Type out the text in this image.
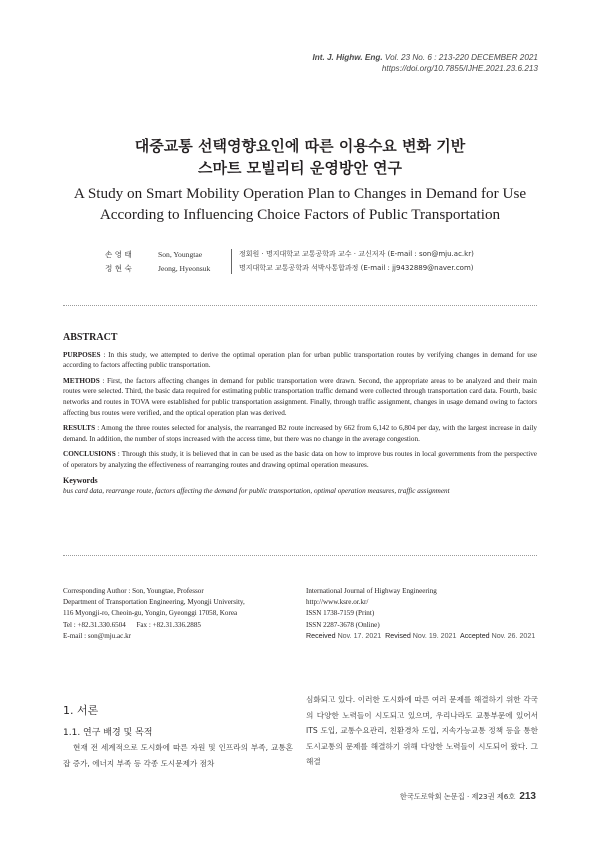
Int. J. Highw. Eng. Vol. 23 No. 6 : 213-220 DECEMBER 2021
https://doi.org/10.7855/IJHE.2021.23.6.213
대중교통 선택영향요인에 따른 이용수요 변화 기반
스마트 모빌리티 운영방안 연구
A Study on Smart Mobility Operation Plan to Changes in Demand for Use
According to Influencing Choice Factors of Public Transportation
손 영 태	Son, Youngtae
정 현 숙	Jeong, Hyeonsuk
정회원 · 명지대학교 교통공학과 교수 · 교신저자 (E-mail : son@mju.ac.kr)
명지대학교 교통공학과 석박사통합과정 (E-mail : jj9432889@naver.com)
ABSTRACT

PURPOSES : In this study, we attempted to derive the optimal operation plan for urban public transportation routes by verifying changes in demand for use according to factors affecting public transportation.

METHODS : First, the factors affecting changes in demand for public transportation were drawn. Second, the appropriate areas to be analyzed and their main routes were selected. Third, the basic data required for estimating public transportation traffic demand were collected through transportation card data. Fourth, basic networks and routes in TOVA were established for public transportation assignment. Finally, through traffic assignment, changes in usage demand owing to factors affecting bus routes were verified, and the optical operation plan was derived.

RESULTS : Among the three routes selected for analysis, the rearranged B2 route increased by 662 from 6,142 to 6,804 per day, with the largest increase in daily demand. In addition, the number of stops increased with the access time, but there was no change in the average congestion.

CONCLUSIONS : Through this study, it is believed that in can be used as the basic data on how to improve bus routes in local governments from the perspective of operators by analyzing the effectiveness of rearranging routes and drawing optimal operation measures.

Keywords
bus card data, rearrange route, factors affecting the demand for public transportation, optimal operation measures, traffic assignment
Corresponding Author : Son, Youngtae, Professor
Department of Transportation Engineering, Myongji University,
116 Myongji-ro, Cheoin-gu, Yongin, Gyeonggi 17058, Korea
Tel : +82.31.330.6504      Fax : +82.31.336.2885
E-mail : son@mju.ac.kr
International Journal of Highway Engineering
http://www.ksre.or.kr/
ISSN 1738-7159 (Print)
ISSN 2287-3678 (Online)
Received Nov. 17. 2021 Revised Nov. 19. 2021 Accepted Nov. 26. 2021
1. 서론
1.1. 연구 배경 및 목적
현재 전 세계적으로 도시화에 따른 자원 및 인프라의 부족, 교통혼잡 증가, 에너지 부족 등 각종 도시문제가 점차
심화되고 있다. 이러한 도시화에 따른 여러 문제를 해결하기 위한 각국의 다양한 노력들이 시도되고 있으며, 우리나라도 교통부문에 있어서 ITS 도입, 교통수요관리, 친환경차 도입, 지속가능교통 정책 등을 통한 도시교통의 문제를 해결하기 위해 다양한 노력들이 시도되어 왔다. 그 해결
한국도로학회 논문집 · 제23권 제6호 213
